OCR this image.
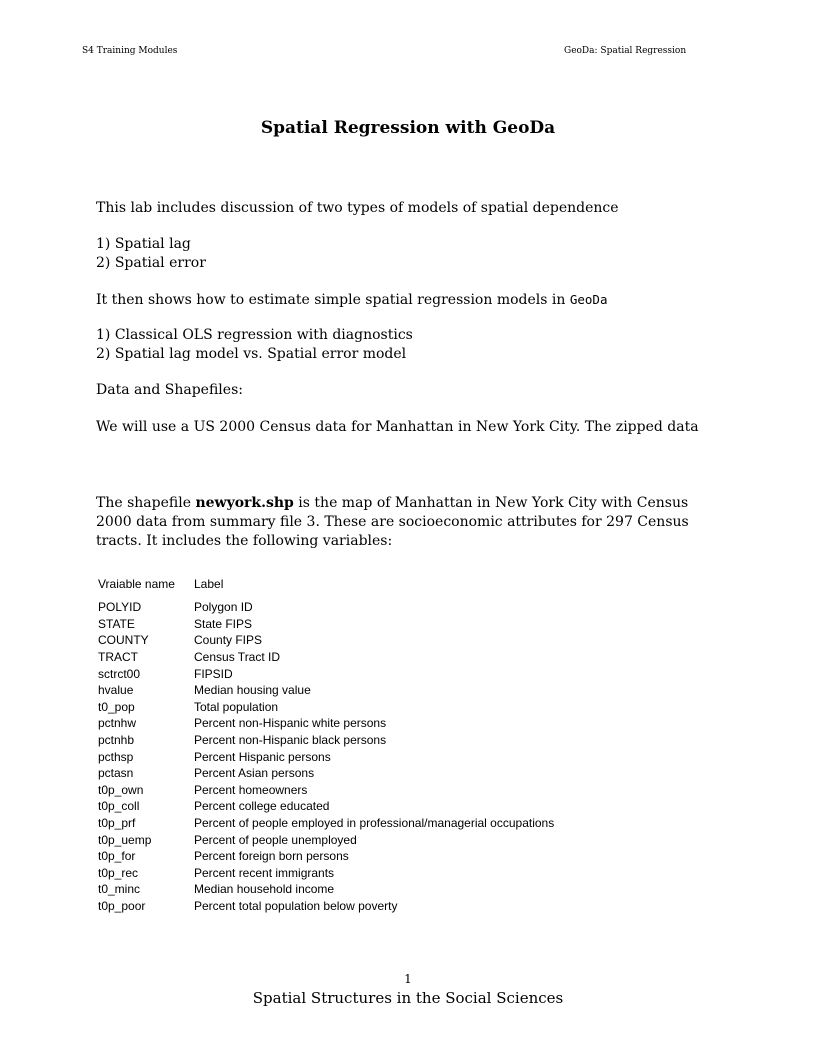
S4 Training Modules	GeoDa: Spatial Regression
Spatial Regression with GeoDa
This lab includes discussion of two types of models of spatial dependence
1) Spatial lag
2) Spatial error
It then shows how to estimate simple spatial regression models in GeoDa
1) Classical OLS regression with diagnostics
2) Spatial lag model vs. Spatial error model
Data and Shapefiles:
We will use a US 2000 Census data for Manhattan in New York City. The zipped data
The shapefile newyork.shp is the map of Manhattan in New York City with Census
2000 data from summary file 3. These are socioeconomic attributes for 297 Census
tracts. It includes the following variables:
Vraiable name	Label
POLYID	Polygon ID
STATE	State FIPS
COUNTY	County FIPS
TRACT	Census Tract ID
sctrct00	FIPSID
hvalue	Median housing value
t0_pop	Total population
pctnhw	Percent non-Hispanic white persons
pctnhb	Percent non-Hispanic black persons
pcthsp	Percent Hispanic persons
pctasn	Percent Asian persons
t0p_own	Percent homeowners
t0p_coll	Percent college educated
t0p_prf	Percent of people employed in professional/managerial occupations
t0p_uemp	Percent of people unemployed
t0p_for	Percent foreign born persons
t0p_rec	Percent recent immigrants
t0_minc	Median household income
t0p_poor	Percent total population below poverty
1
Spatial Structures in the Social Sciences
